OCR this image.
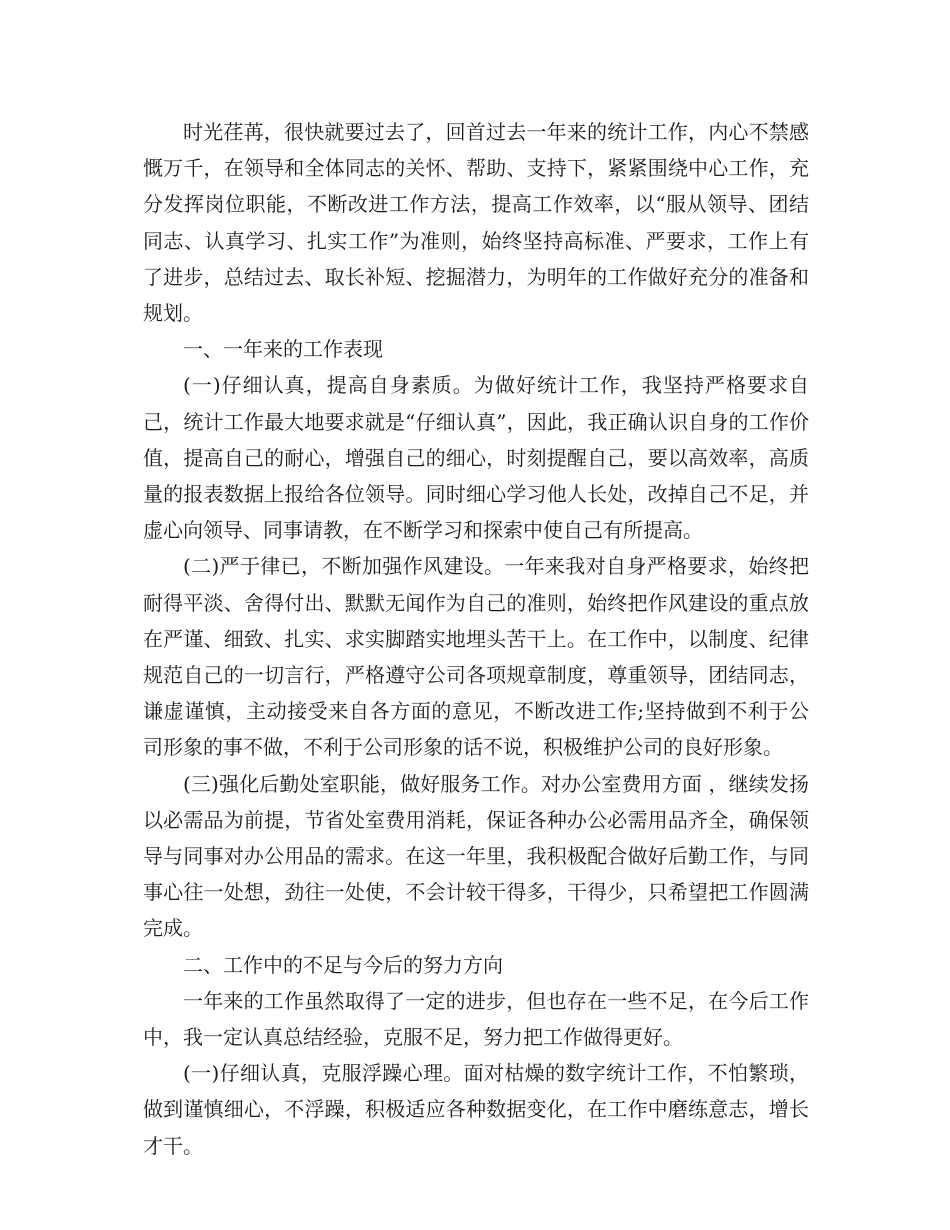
时光荏苒，很快就要过去了，回首过去一年来的统计工作，内心不禁感慨万千，在领导和全体同志的关怀、帮助、支持下，紧紧围绕中心工作，充分发挥岗位职能，不断改进工作方法，提高工作效率，以“服从领导、团结同志、认真学习、扎实工作”为准则，始终坚持高标准、严要求，工作上有了进步，总结过去、取长补短、挖掘潜力，为明年的工作做好充分的准备和规划。

一、一年来的工作表现

(一)仔细认真，提高自身素质。为做好统计工作，我坚持严格要求自己，统计工作最大地要求就是“仔细认真”，因此，我正确认识自身的工作价值，提高自己的耐心，增强自己的细心，时刻提醒自己，要以高效率，高质量的报表数据上报给各位领导。同时细心学习他人长处，改掉自己不足，并虚心向领导、同事请教，在不断学习和探索中使自己有所提高。

(二)严于律已，不断加强作风建设。一年来我对自身严格要求，始终把耐得平淡、舍得付出、默默无闻作为自己的准则，始终把作风建设的重点放在严谨、细致、扎实、求实脚踏实地埋头苦干上。在工作中，以制度、纪律规范自己的一切言行，严格遵守公司各项规章制度，尊重领导，团结同志，谦虚谨慎，主动接受来自各方面的意见，不断改进工作;坚持做到不利于公司形象的事不做，不利于公司形象的话不说，积极维护公司的良好形象。

(三)强化后勤处室职能，做好服务工作。对办公室费用方面 ，继续发扬以必需品为前提，节省处室费用消耗，保证各种办公必需用品齐全，确保领导与同事对办公用品的需求。在这一年里，我积极配合做好后勤工作，与同事心往一处想，劲往一处使，不会计较干得多，干得少，只希望把工作圆满完成。

二、工作中的不足与今后的努力方向

一年来的工作虽然取得了一定的进步，但也存在一些不足，在今后工作中，我一定认真总结经验，克服不足，努力把工作做得更好。

(一)仔细认真，克服浮躁心理。面对枯燥的数字统计工作，不怕繁琐，做到谨慎细心，不浮躁，积极适应各种数据变化，在工作中磨练意志，增长才干。
